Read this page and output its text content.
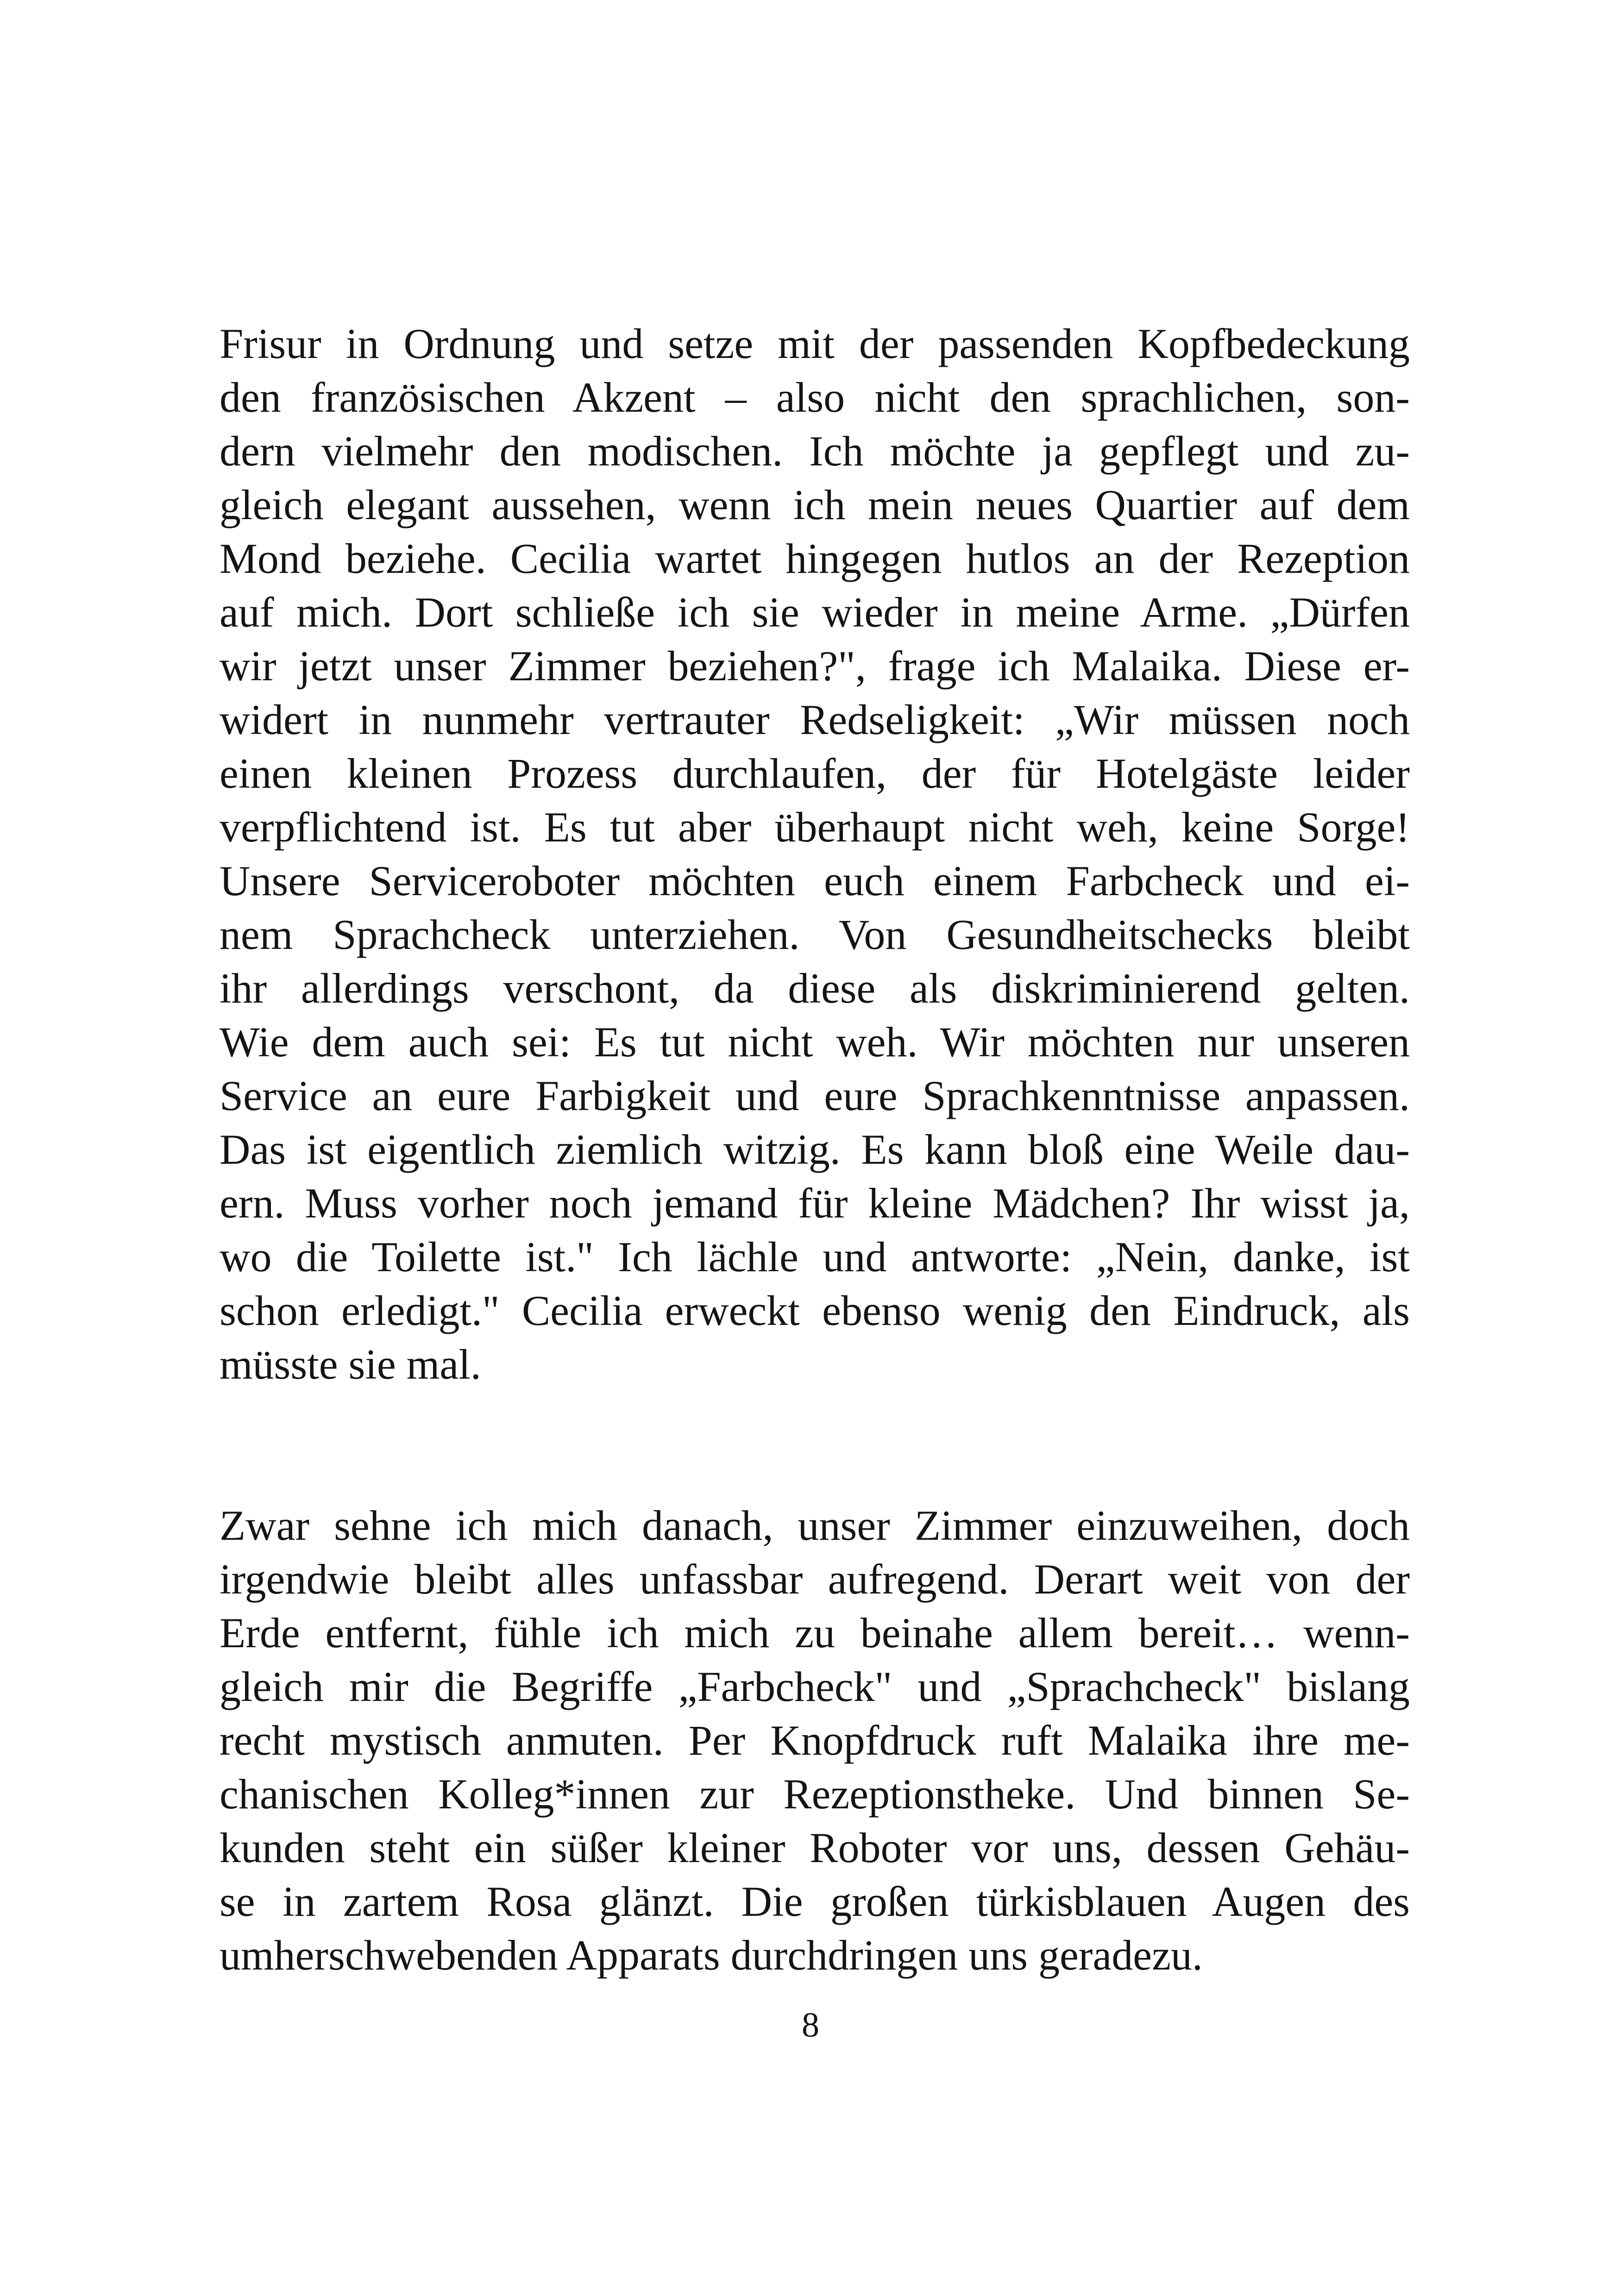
Frisur in Ordnung und setze mit der passenden Kopfbedeckung
den französischen Akzent – also nicht den sprachlichen, son-
dern vielmehr den modischen. Ich möchte ja gepflegt und zu-
gleich elegant aussehen, wenn ich mein neues Quartier auf dem
Mond beziehe. Cecilia wartet hingegen hutlos an der Rezeption
auf mich. Dort schließe ich sie wieder in meine Arme. „Dürfen
wir jetzt unser Zimmer beziehen?", frage ich Malaika. Diese er-
widert in nunmehr vertrauter Redseligkeit: „Wir müssen noch
einen kleinen Prozess durchlaufen, der für Hotelgäste leider
verpflichtend ist. Es tut aber überhaupt nicht weh, keine Sorge!
Unsere Serviceroboter möchten euch einem Farbcheck und ei-
nem Sprachcheck unterziehen. Von Gesundheitschecks bleibt
ihr allerdings verschont, da diese als diskriminierend gelten.
Wie dem auch sei: Es tut nicht weh. Wir möchten nur unseren
Service an eure Farbigkeit und eure Sprachkenntnisse anpassen.
Das ist eigentlich ziemlich witzig. Es kann bloß eine Weile dau-
ern. Muss vorher noch jemand für kleine Mädchen? Ihr wisst ja,
wo die Toilette ist." Ich lächle und antworte: „Nein, danke, ist
schon erledigt." Cecilia erweckt ebenso wenig den Eindruck, als
müsste sie mal.
Zwar sehne ich mich danach, unser Zimmer einzuweihen, doch
irgendwie bleibt alles unfassbar aufregend. Derart weit von der
Erde entfernt, fühle ich mich zu beinahe allem bereit… wenn-
gleich mir die Begriffe „Farbcheck" und „Sprachcheck" bislang
recht mystisch anmuten. Per Knopfdruck ruft Malaika ihre me-
chanischen Kolleg*innen zur Rezeptionstheke. Und binnen Se-
kunden steht ein süßer kleiner Roboter vor uns, dessen Gehäu-
se in zartem Rosa glänzt. Die großen türkisblauen Augen des
umherschwebenden Apparats durchdringen uns geradezu.
8
